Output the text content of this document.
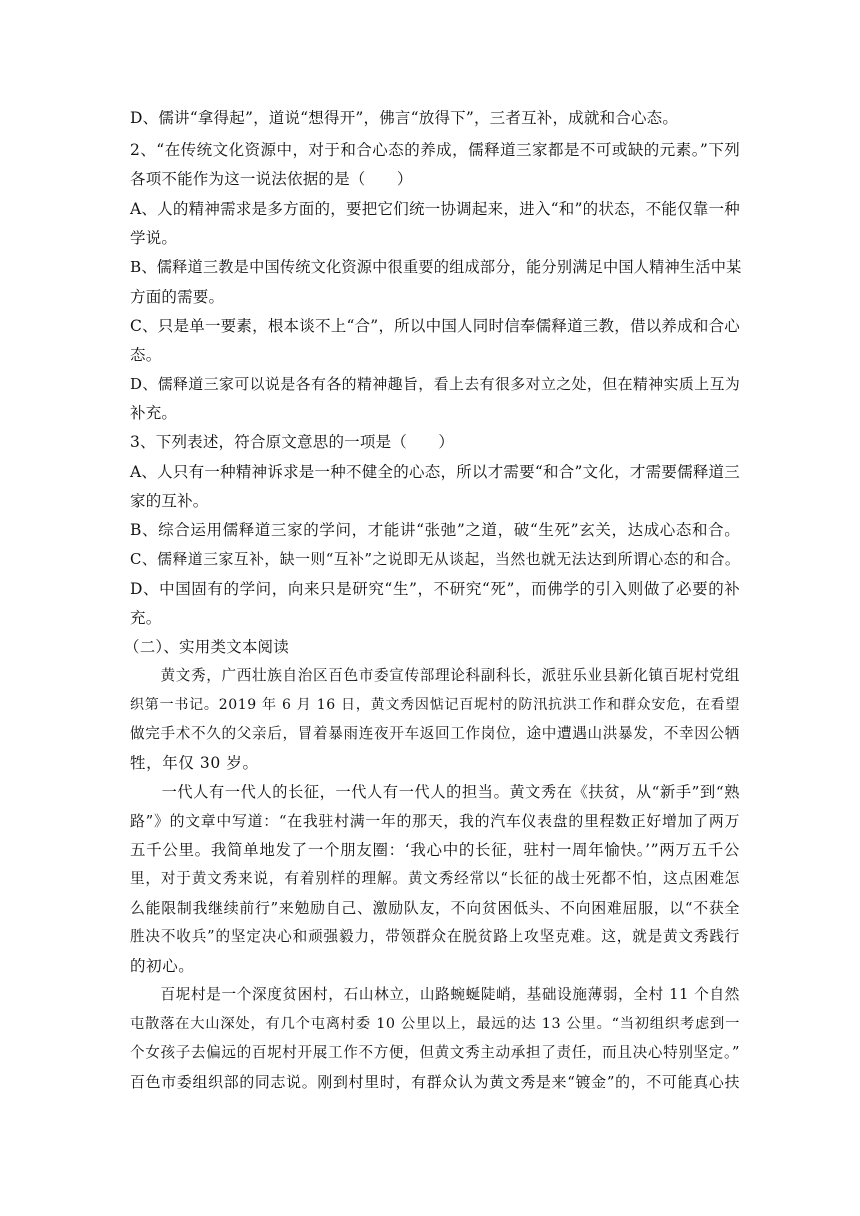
D、儒讲“拿得起”，道说“想得开”，佛言“放得下”，三者互补，成就和合心态。

2、“在传统文化资源中，对于和合心态的养成，儒释道三家都是不可或缺的元素。”下列

各项不能作为这一说法依据的是（　　）

A、人的精神需求是多方面的，要把它们统一协调起来，进入“和”的状态，不能仅靠一种

学说。

B、儒释道三教是中国传统文化资源中很重要的组成部分，能分别满足中国人精神生活中某

方面的需要。

C、只是单一要素，根本谈不上“合”，所以中国人同时信奉儒释道三教，借以养成和合心

态。

D、儒释道三家可以说是各有各的精神趣旨，看上去有很多对立之处，但在精神实质上互为

补充。

3、下列表述，符合原文意思的一项是（　　）

A、人只有一种精神诉求是一种不健全的心态，所以才需要“和合”文化，才需要儒释道三

家的互补。

B、综合运用儒释道三家的学问，才能讲“张弛”之道，破“生死”玄关，达成心态和合。

C、儒释道三家互补，缺一则“互补”之说即无从谈起，当然也就无法达到所谓心态的和合。

D、中国固有的学问，向来只是研究“生”，不研究“死”，而佛学的引入则做了必要的补

充。

（二）、实用类文本阅读

　　黄文秀，广西壮族自治区百色市委宣传部理论科副科长，派驻乐业县新化镇百坭村党组

织第一书记。2019 年 6 月 16 日，黄文秀因惦记百坭村的防汛抗洪工作和群众安危，在看望

做完手术不久的父亲后，冒着暴雨连夜开车返回工作岗位，途中遭遇山洪暴发，不幸因公牺

牲，年仅 30 岁。

　　一代人有一代人的长征，一代人有一代人的担当。黄文秀在《扶贫，从“新手”到“熟

路”》的文章中写道：“在我驻村满一年的那天，我的汽车仪表盘的里程数正好增加了两万

五千公里。我简单地发了一个朋友圈：‘我心中的长征，驻村一周年愉快。’”两万五千公

里，对于黄文秀来说，有着别样的理解。黄文秀经常以“长征的战士死都不怕，这点困难怎

么能限制我继续前行”来勉励自己、激励队友，不向贫困低头、不向困难屈服，以“不获全

胜决不收兵”的坚定决心和顽强毅力，带领群众在脱贫路上攻坚克难。这，就是黄文秀践行

的初心。

　　百坭村是一个深度贫困村，石山林立，山路蜿蜒陡峭，基础设施薄弱，全村 11 个自然

屯散落在大山深处，有几个屯离村委 10 公里以上，最远的达 13 公里。“当初组织考虑到一

个女孩子去偏远的百坭村开展工作不方便，但黄文秀主动承担了责任，而且决心特别坚定。”

百色市委组织部的同志说。刚到村里时，有群众认为黄文秀是来“镀金”的，不可能真心扶
